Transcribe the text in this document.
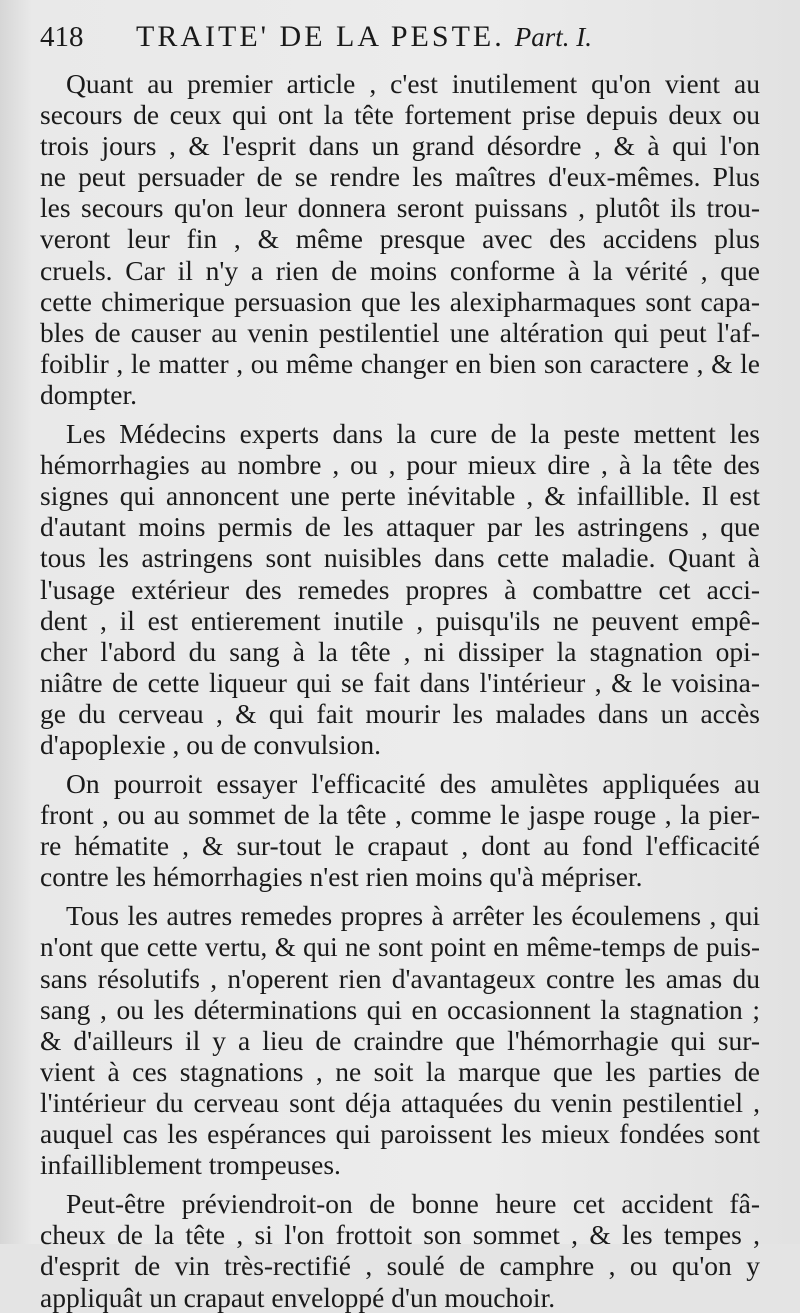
418	TRAITE' DE LA PESTE. Part. I.
Quant au premier article , c'est inutilement qu'on vient au
secours de ceux qui ont la tête fortement prise depuis deux ou
trois jours , & l'esprit dans un grand désordre , & à qui l'on
ne peut persuader de se rendre les maîtres d'eux-mêmes. Plus
les secours qu'on leur donnera seront puissans , plutôt ils trou-
veront leur fin , & même presque avec des accidens plus
cruels. Car il n'y a rien de moins conforme à la vérité , que
cette chimerique persuasion que les alexipharmaques sont capa-
bles de causer au venin pestilentiel une altération qui peut l'af-
foiblir , le matter , ou même changer en bien son caractere , & le
dompter.
Les Médecins experts dans la cure de la peste mettent les
hémorrhagies au nombre , ou , pour mieux dire , à la tête des
signes qui annoncent une perte inévitable , & infaillible. Il est
d'autant moins permis de les attaquer par les astringens , que
tous les astringens sont nuisibles dans cette maladie. Quant à
l'usage extérieur des remedes propres à combattre cet acci-
dent , il est entierement inutile , puisqu'ils ne peuvent empê-
cher l'abord du sang à la tête , ni dissiper la stagnation opi-
niâtre de cette liqueur qui se fait dans l'intérieur , & le voisina-
ge du cerveau , & qui fait mourir les malades dans un accès
d'apoplexie , ou de convulsion.
On pourroit essayer l'efficacité des amulètes appliquées au
front , ou au sommet de la tête , comme le jaspe rouge , la pier-
re hématite , & sur-tout le crapaut , dont au fond l'efficacité
contre les hémorrhagies n'est rien moins qu'à mépriser.
Tous les autres remedes propres à arrêter les écoulemens , qui
n'ont que cette vertu, & qui ne sont point en même-temps de puis-
sans résolutifs , n'operent rien d'avantageux contre les amas du
sang , ou les déterminations qui en occasionnent la stagnation ;
& d'ailleurs il y a lieu de craindre que l'hémorrhagie qui sur-
vient à ces stagnations , ne soit la marque que les parties de
l'intérieur du cerveau sont déja attaquées du venin pestilentiel ,
auquel cas les espérances qui paroissent les mieux fondées sont
infailliblement trompeuses.
Peut-être préviendroit-on de bonne heure cet accident fâ-
cheux de la tête , si l'on frottoit son sommet , & les tempes ,
d'esprit de vin très-rectifié , soulé de camphre , ou qu'on y
appliquât un crapaut enveloppé d'un mouchoir.
